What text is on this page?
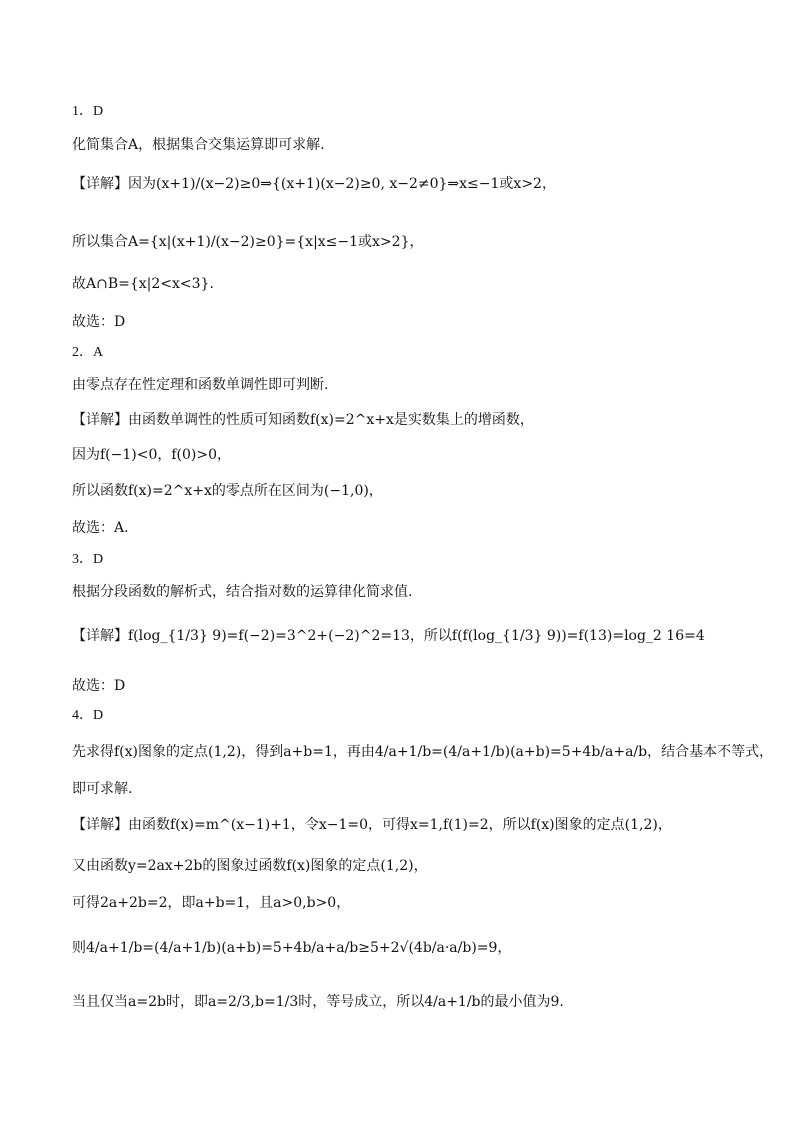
1．D
化简集合A，根据集合交集运算即可求解.
【详解】因为(x+1)/(x−2)≥0⇒{(x+1)(x−2)≥0, x−2≠0}⇒x≤−1或x>2，
所以集合A={x|(x+1)/(x−2)≥0}={x|x≤−1或x>2}，
故A∩B={x|2<x<3}.
故选：D
2．A
由零点存在性定理和函数单调性即可判断.
【详解】由函数单调性的性质可知函数f(x)=2^x+x是实数集上的增函数，
因为f(−1)<0，f(0)>0，
所以函数f(x)=2^x+x的零点所在区间为(−1,0)，
故选：A.
3．D
根据分段函数的解析式，结合指对数的运算律化简求值.
【详解】f(log_{1/3} 9)=f(−2)=3^2+(−2)^2=13，所以f(f(log_{1/3} 9))=f(13)=log_2 16=4
故选：D
4．D
先求得f(x)图象的定点(1,2)，得到a+b=1，再由4/a+1/b=(4/a+1/b)(a+b)=5+4b/a+a/b，结合基本不等式，
即可求解.
【详解】由函数f(x)=m^(x−1)+1，令x−1=0，可得x=1,f(1)=2，所以f(x)图象的定点(1,2)，
又由函数y=2ax+2b的图象过函数f(x)图象的定点(1,2)，
可得2a+2b=2，即a+b=1，且a>0,b>0，
则4/a+1/b=(4/a+1/b)(a+b)=5+4b/a+a/b≥5+2√(4b/a·a/b)=9，
当且仅当a=2b时，即a=2/3,b=1/3时，等号成立，所以4/a+1/b的最小值为9.
